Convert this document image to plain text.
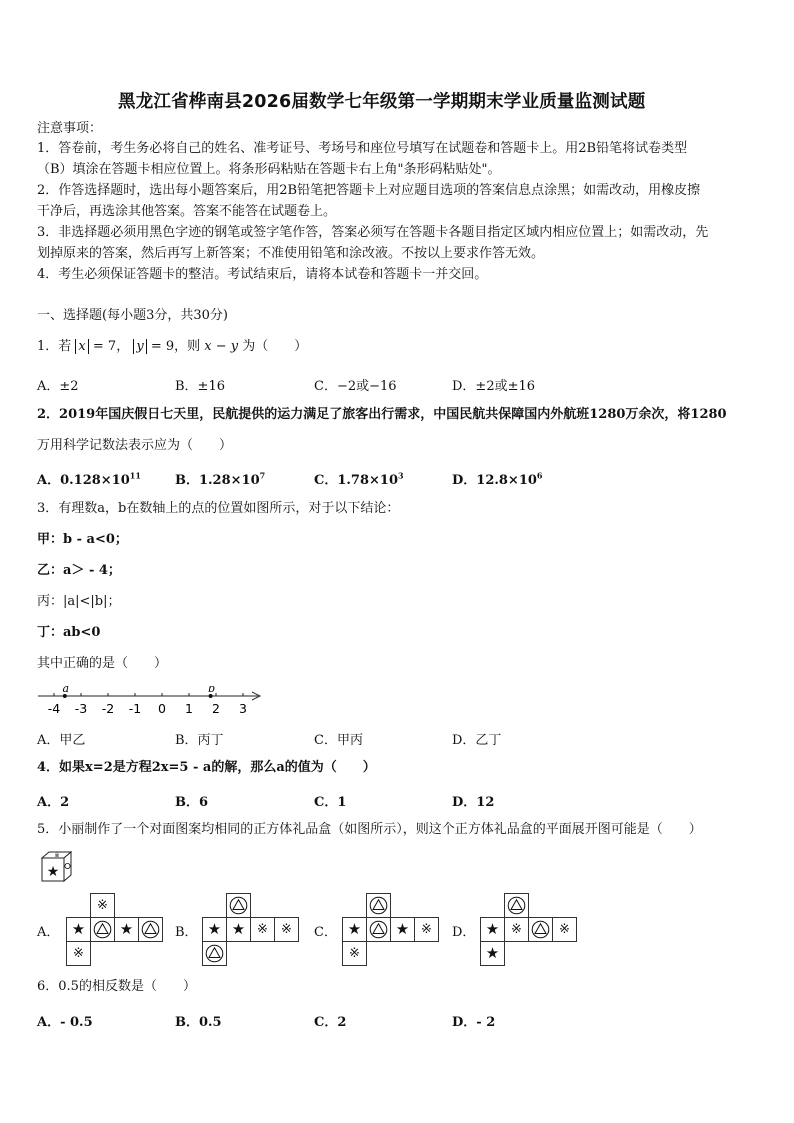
黑龙江省桦南县2026届数学七年级第一学期期末学业质量监测试题
注意事项：
1．答卷前，考生务必将自己的姓名、准考证号、考场号和座位号填写在试题卷和答题卡上。用2B铅笔将试卷类型
（B）填涂在答题卡相应位置上。将条形码粘贴在答题卡右上角"条形码粘贴处"。
2．作答选择题时，选出每小题答案后，用2B铅笔把答题卡上对应题目选项的答案信息点涂黑；如需改动，用橡皮擦
干净后，再选涂其他答案。答案不能答在试题卷上。
3．非选择题必须用黑色字迹的钢笔或签字笔作答，答案必须写在答题卡各题目指定区域内相应位置上；如需改动，先
划掉原来的答案，然后再写上新答案；不准使用铅笔和涂改液。不按以上要求作答无效。
4．考生必须保证答题卡的整洁。考试结束后，请将本试卷和答题卡一并交回。
一、选择题(每小题3分，共30分)
1．若 x = 7， y = 9，则 x − y 为（　　）
A．±2	B．±16	C．−2或−16	D．±2或±16
2．2019年国庆假日七天里，民航提供的运力满足了旅客出行需求，中国民航共保障国内外航班1280万余次，将1280
万用科学记数法表示应为（　　）
A．$0.128\times 10^{11}$	B．$1.28\times 10^7$	C．$1.78\times 10^3$	D．$12.8\times 10^6$
3．有理数a，b在数轴上的点的位置如图所示，对于以下结论：
甲：b - a<0；
乙：a＞ - 4；
丙：|a|<|b|；
丁：ab<0
其中正确的是（　　）
-4 -3 -2 -1 0 1 2 3
a	b
A．甲乙	B．丙丁	C．甲丙	D．乙丁
4．如果x=2是方程2x=5 - a的解，那么a的值为（　　）
A．2	B．6	C．1	D．12
5．小丽制作了一个对面图案均相同的正方体礼品盒（如图所示），则这个正方体礼品盒的平面展开图可能是（　　）
★
※
A．	B．	C．	D．
※
★ ★
※
★ ★ ※ ※	★ ★ ※
※
★ ※	※
★
6．0.5的相反数是（　　）
A．- 0.5	B．0.5	C．2	D．- 2
